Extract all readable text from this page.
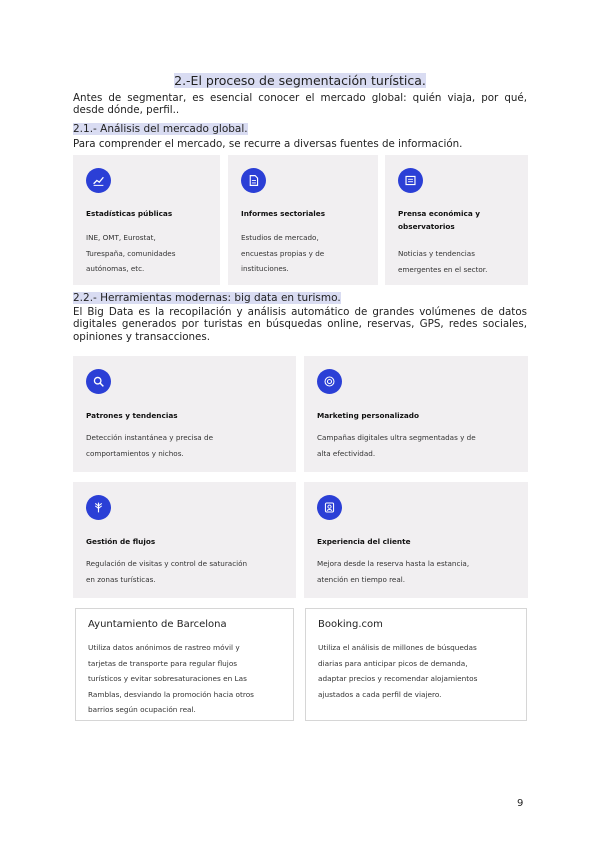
2.-El proceso de segmentación turística.

Antes de segmentar, es esencial conocer el mercado global: quién viaja, por qué, desde dónde, perfil..

2.1.- Análisis del mercado global.

Para comprender el mercado, se recurre a diversas fuentes de información.

Estadísticas públicas
INE, OMT, Eurostat,
Turespaña, comunidades
autónomas, etc.
Informes sectoriales
Estudios de mercado,
encuestas propias y de
instituciones.
Prensa económica y
observatorios
Noticias y tendencias
emergentes en el sector.

2.2.- Herramientas modernas: big data en turismo.

El Big Data es la recopilación y análisis automático de grandes volúmenes de datos digitales generados por turistas en búsquedas online, reservas, GPS, redes sociales, opiniones y transacciones.

Patrones y tendencias
Detección instantánea y precisa de
comportamientos y nichos.
Marketing personalizado
Campañas digitales ultra segmentadas y de
alta efectividad.
Gestión de flujos
Regulación de visitas y control de saturación
en zonas turísticas.
Experiencia del cliente
Mejora desde la reserva hasta la estancia,
atención en tiempo real.
Ayuntamiento de Barcelona
Utiliza datos anónimos de rastreo móvil y
tarjetas de transporte para regular flujos
turísticos y evitar sobresaturaciones en Las
Ramblas, desviando la promoción hacia otros
barrios según ocupación real.
Booking.com
Utiliza el análisis de millones de búsquedas
diarias para anticipar picos de demanda,
adaptar precios y recomendar alojamientos
ajustados a cada perfil de viajero.
9
